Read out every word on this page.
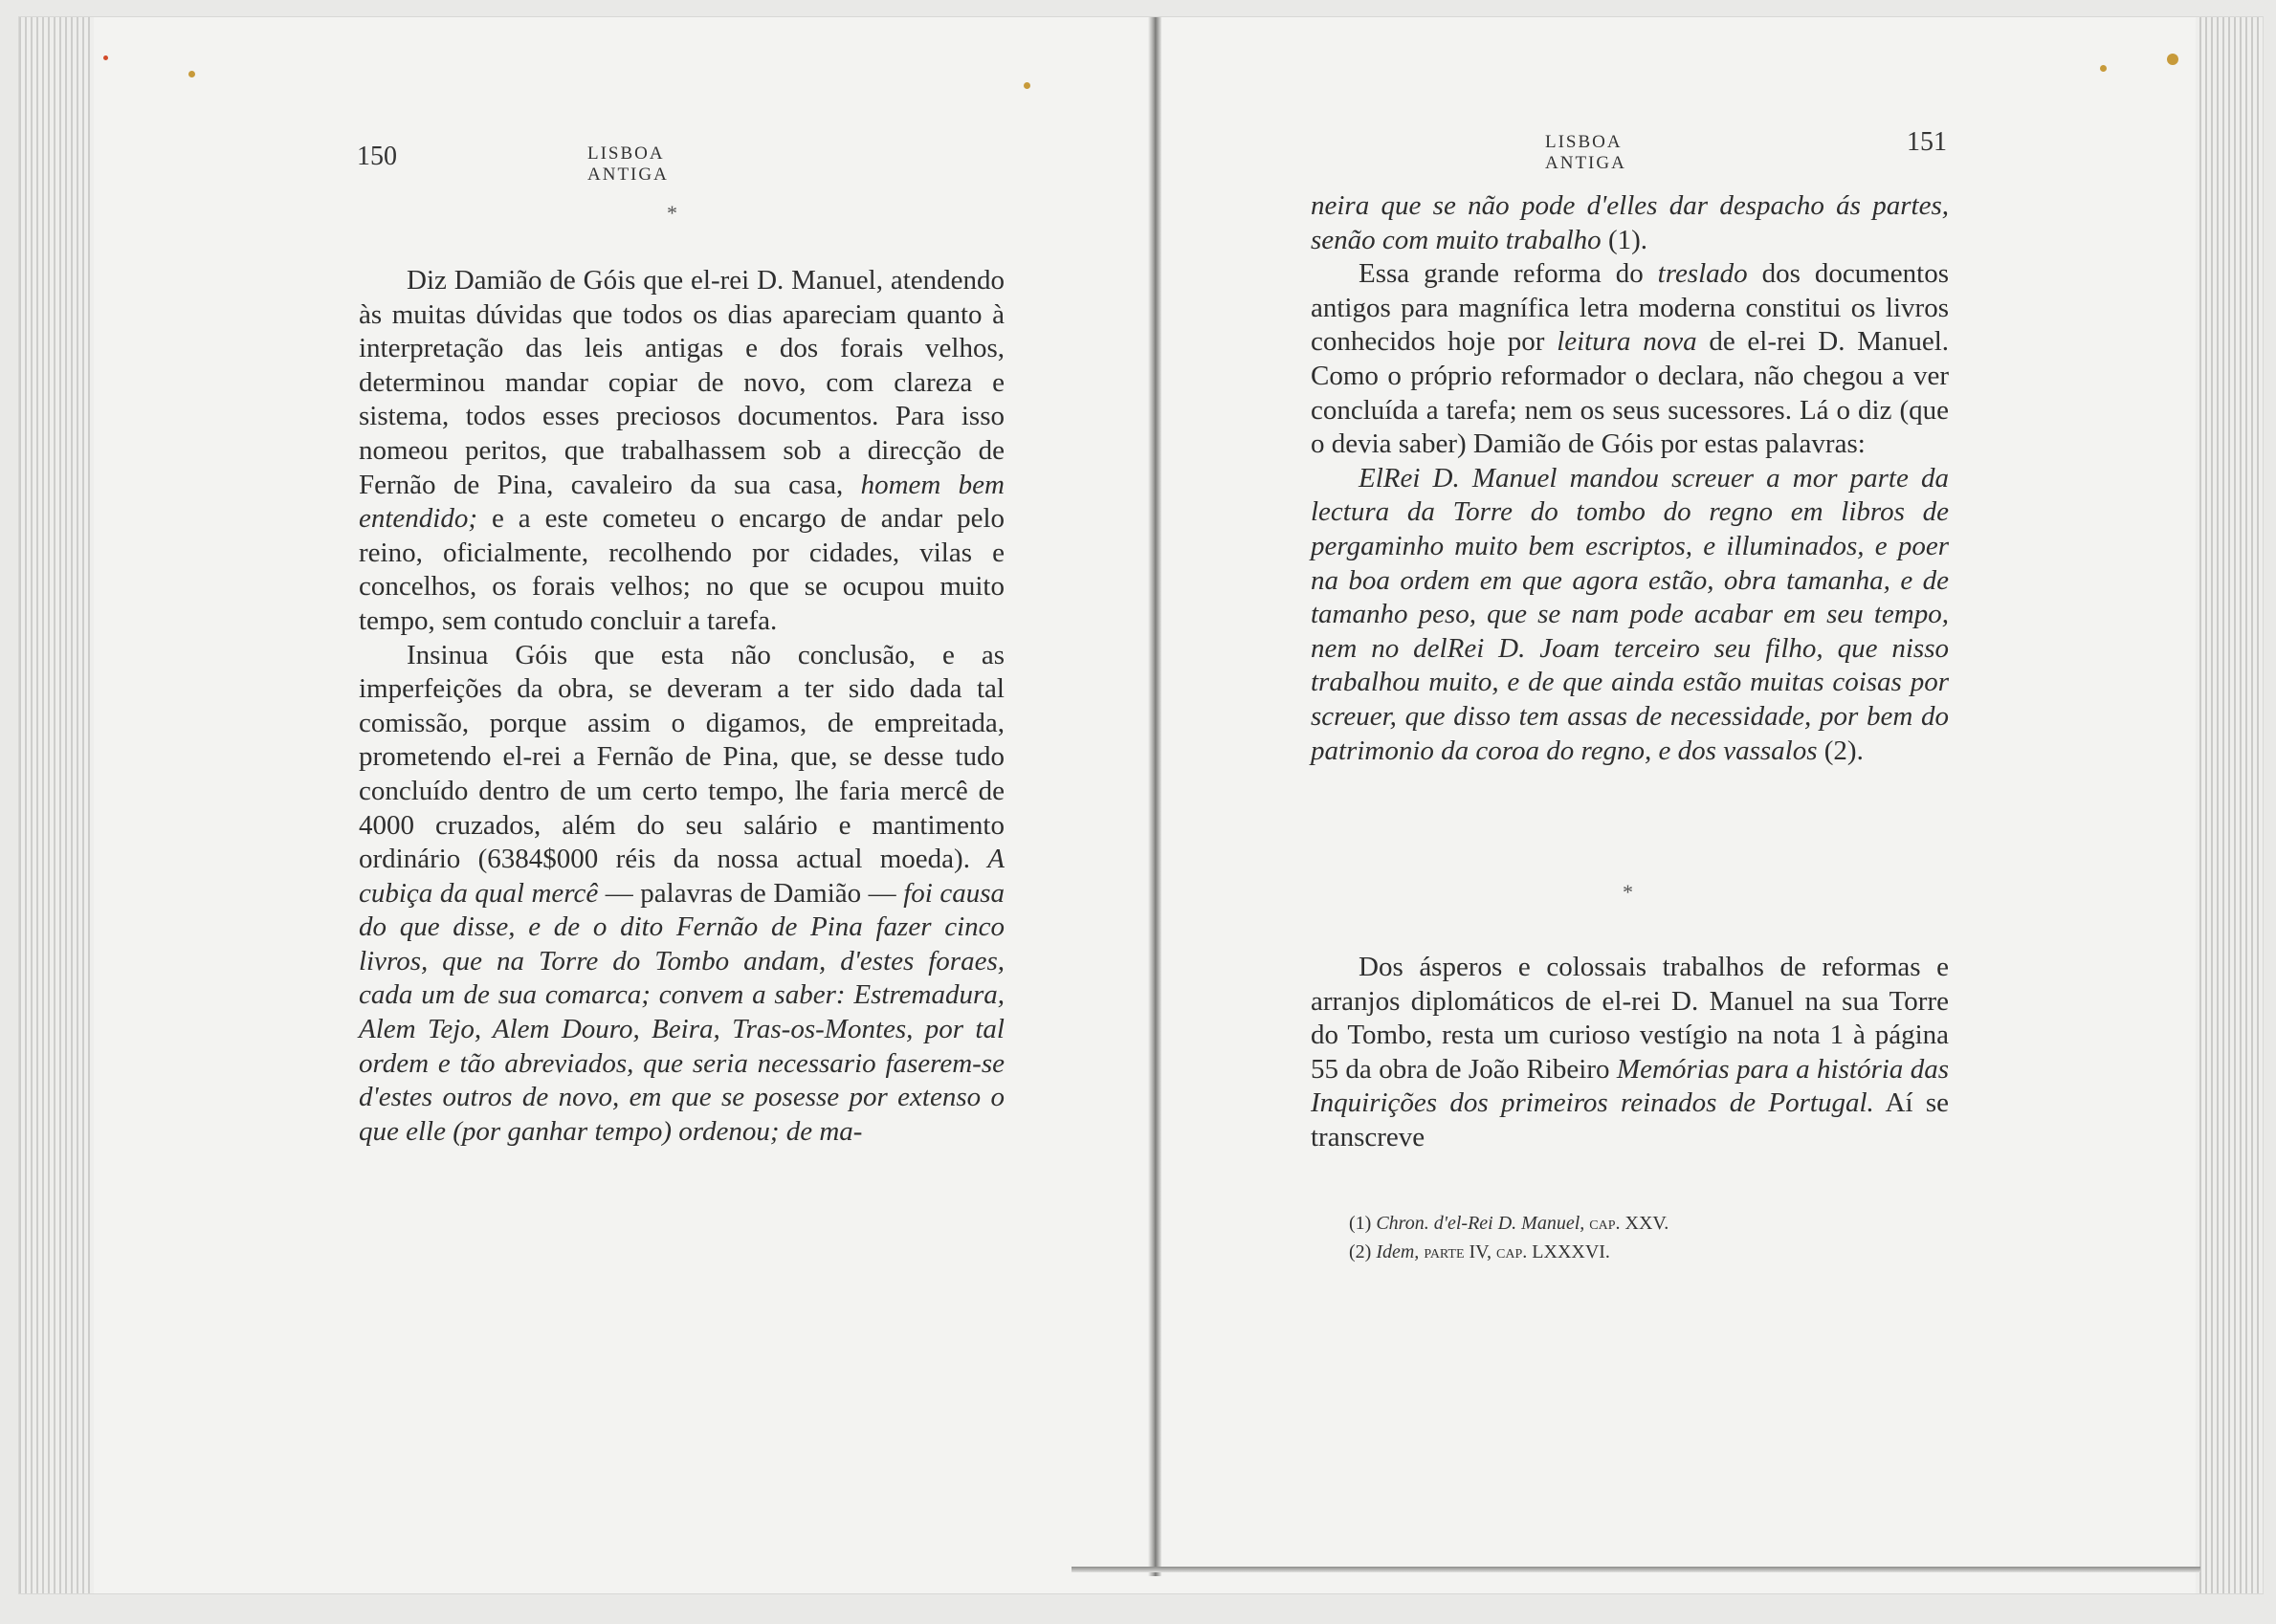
150	LISBOA ANTIGA
*

Diz Damião de Góis que el-rei D. Manuel, atendendo às muitas dúvidas que todos os dias apareciam quanto à interpretação das leis antigas e dos forais velhos, determinou mandar copiar de novo, com clareza e sistema, todos esses preciosos documentos. Para isso nomeou peritos, que trabalhassem sob a direcção de Fernão de Pina, cavaleiro da sua casa, homem bem entendido; e a este cometeu o encargo de andar pelo reino, oficialmente, recolhendo por cidades, vilas e concelhos, os forais velhos; no que se ocupou muito tempo, sem contudo concluir a tarefa.

Insinua Góis que esta não conclusão, e as imperfeições da obra, se deveram a ter sido dada tal comissão, porque assim o digamos, de empreitada, prometendo el-rei a Fernão de Pina, que, se desse tudo concluído dentro de um certo tempo, lhe faria mercê de 4000 cruzados, além do seu salário e mantimento ordinário (6384$000 réis da nossa actual moeda). A cubiça da qual mercê — palavras de Damião — foi causa do que disse, e de o dito Fernão de Pina fazer cinco livros, que na Torre do Tombo andam, d'estes foraes, cada um de sua comarca; convem a saber: Estremadura, Alem Tejo, Alem Douro, Beira, Tras-os-Montes, por tal ordem e tão abreviados, que seria necessario faserem-se d'estes outros de novo, em que se posesse por extenso o que elle (por ganhar tempo) ordenou; de ma-

LISBOA ANTIGA
151

neira que se não pode d'elles dar despacho ás partes, senão com muito trabalho (1).

Essa grande reforma do treslado dos documentos antigos para magnífica letra moderna constitui os livros conhecidos hoje por leitura nova de el-rei D. Manuel. Como o próprio reformador o declara, não chegou a ver concluída a tarefa; nem os seus sucessores. Lá o diz (que o devia saber) Damião de Góis por estas palavras:

ElRei D. Manuel mandou screuer a mor parte da lectura da Torre do tombo do regno em libros de pergaminho muito bem escriptos, e illuminados, e poer na boa ordem em que agora estão, obra tamanha, e de tamanho peso, que se nam pode acabar em seu tempo, nem no delRei D. Joam terceiro seu filho, que nisso trabalhou muito, e de que ainda estão muitas coisas por screuer, que disso tem assas de necessidade, por bem do patrimonio da coroa do regno, e dos vassalos (2).

*

Dos ásperos e colossais trabalhos de reformas e arranjos diplomáticos de el-rei D. Manuel na sua Torre do Tombo, resta um curioso vestígio na nota 1 à página 55 da obra de João Ribeiro Memórias para a história das Inquirições dos primeiros reinados de Portugal. Aí se transcreve

(1) Chron. d'el-Rei D. Manuel, cap. XXV.

(2) Idem, parte IV, cap. LXXXVI.
